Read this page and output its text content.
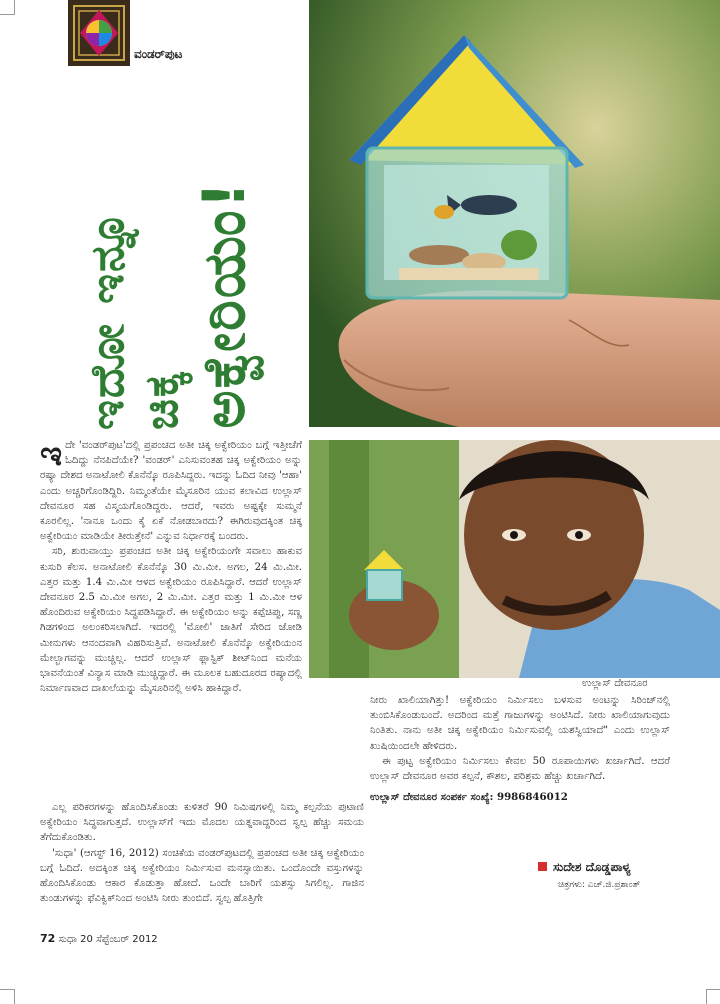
ವಂಡರ್‌ಪುಟ
ಇದೋ ಇನ್ನೂ ಚಿಕ್ಕ ಅಕ್ವೇರಿಯಂ!
ಉಲ್ಲಾಸ್ ದೇವನೂರ

ಇದೇ 'ವಂಡರ್‌ಪುಟ'ದಲ್ಲಿ ಪ್ರಪಂಚದ ಅತೀ ಚಿಕ್ಕ ಅಕ್ವೇರಿಯಂ ಬಗ್ಗೆ ಇತ್ತೀಚೆಗೆ ಓದಿದ್ದು ನೆನಪಿದೆಯೇ? 'ವಂಡರ್' ಎನಿಸುವಂತಹ ಚಿಕ್ಕ ಅಕ್ವೇರಿಯಂ ಅನ್ನು ರಷ್ಯಾ ದೇಶದ ಅನಾಟೋಲಿ ಕೊನೆನ್ಕೊ ರೂಪಿಸಿದ್ದರು. ಇದನ್ನು ಓದಿದ ನೀವು 'ಆಹಾ' ಎಂದು ಅಚ್ಚರಿಗೊಂಡಿದ್ದಿರಿ. ನಿಮ್ಮಂತೆಯೇ ಮೈಸೂರಿನ ಯುವ ಕಲಾವಿದ ಉಲ್ಲಾಸ್ ದೇವನೂರ ಸಹ ವಿಸ್ಮಯಗೊಂಡಿದ್ದರು. ಆದರೆ, ಇವರು ಅಷ್ಟಕ್ಕೇ ಸುಮ್ಮನೆ ಕೂರಲಿಲ್ಲ. 'ನಾನೂ ಒಂದು ಕೈ ಏಕೆ ನೋಡಬಾರದು? ಈಗಿರುವುದಕ್ಕಿಂತ ಚಿಕ್ಕ ಅಕ್ವೇರಿಯಂ ಮಾಡಿಯೇ ತೀರುತ್ತೇನೆ' ಎನ್ನುವ ನಿರ್ಧಾರಕ್ಕೆ ಬಂದರು.

ಸರಿ, ಶುರುವಾಯ್ತು ಪ್ರಪಂಚದ ಅತೀ ಚಿಕ್ಕ ಅಕ್ವೇರಿಯಂಗೇ ಸವಾಲು ಹಾಕುವ ಕುಸುರಿ ಕೆಲಸ. ಅನಾಟೋಲಿ ಕೊನೆನ್ಕೊ 30 ಮಿ.ಮೀ. ಅಗಲ, 24 ಮಿ.ಮೀ. ಎತ್ತರ ಮತ್ತು 1.4 ಮಿ.ಮೀ ಆಳದ ಅಕ್ವೇರಿಯಂ ರೂಪಿಸಿದ್ದಾರೆ. ಆದರೆ ಉಲ್ಲಾಸ್ ದೇವನೂರ 2.5 ಮಿ.ಮೀ ಅಗಲ, 2 ಮಿ.ಮೀ. ಎತ್ತರ ಮತ್ತು 1 ಮಿ.ಮೀ ಆಳ ಹೊಂದಿರುವ ಅಕ್ವೇರಿಯಂ ಸಿದ್ಧಪಡಿಸಿದ್ದಾರೆ. ಈ ಅಕ್ವೇರಿಯಂ ಅನ್ನು ಕಪ್ಪೆಚಿಪ್ಪು, ಸಣ್ಣ ಗಿಡಗಳಿಂದ ಅಲಂಕರಿಸಲಾಗಿದೆ. ಇದರಲ್ಲಿ 'ಮೋಲಿ' ಜಾತಿಗೆ ಸೇರಿದ ಜೋಡಿ ಮೀನುಗಳು ಆನಂದವಾಗಿ ವಿಹರಿಸುತ್ತಿವೆ. ಅನಾಟೋಲಿ ಕೊನೆನ್ಕೊ ಅಕ್ವೇರಿಯಂನ ಮೇಲ್ಭಾಗವನ್ನು ಮುಚ್ಚಿಲ್ಲ. ಆದರೆ ಉಲ್ಲಾಸ್ ಫ್ಲಾಸ್ಟಿಕ್ ಶೀಟ್‌ನಿಂದ ಮನೆಯ ಭಾವನೆಯಂತೆ ವಿನ್ಯಾಸ ಮಾಡಿ ಮುಚ್ಚಿದ್ದಾರೆ. ಈ ಮೂಲಕ ಬಹುದೂರದ ರಷ್ಯಾದಲ್ಲಿ ನಿರ್ಮಾಣವಾದ ದಾಖಲೆಯನ್ನು ಮೈಸೂರಿನಲ್ಲಿ ಅಳಿಸಿ ಹಾಕಿದ್ದಾರೆ.

ಎಲ್ಲ ಪರಿಕರಗಳನ್ನು ಹೊಂದಿಸಿಕೊಂಡು ಕುಳಿತರೆ 90 ನಿಮಿಷಗಳಲ್ಲಿ ನಿಮ್ಮ ಕಲ್ಪನೆಯ ಪುಟಾಣಿ ಅಕ್ವೇರಿಯಂ ಸಿದ್ಧವಾಗುತ್ತದೆ. ಉಲ್ಲಾಸ್‌ಗೆ ಇದು ಮೊದಲ ಯತ್ನವಾದ್ದರಿಂದ ಸ್ವಲ್ಪ ಹೆಚ್ಚು ಸಮಯ ತೆಗೆದುಕೊಂಡಿತು.

'ಸುಧಾ' (ಆಗಸ್ಟ್ 16, 2012) ಸಂಚಿಕೆಯ ವಂಡರ್‌ಪುಟದಲ್ಲಿ ಪ್ರಪಂಚದ ಅತೀ ಚಿಕ್ಕ ಅಕ್ವೇರಿಯಂ ಬಗ್ಗೆ ಓದಿದೆ. ಅದಕ್ಕಿಂತ ಚಿಕ್ಕ ಅಕ್ವೇರಿಯಂ ನಿರ್ಮಿಸುವ ಮನಸ್ಸಾಯಿತು. ಒಂದೊಂದೇ ವಸ್ತುಗಳನ್ನು ಹೊಂದಿಸಿಕೊಂಡು ಆಕಾರ ಕೊಡುತ್ತಾ ಹೋದೆ. ಒಂದೇ ಬಾರಿಗೆ ಯಶಸ್ಸು ಸಿಗಲಿಲ್ಲ. ಗಾಜಿನ ತುಂಡುಗಳನ್ನು ಫೆವಿಕ್ವಿಕ್‌ನಿಂದ ಅಂಟಿಸಿ ನೀರು ತುಂಬಿದೆ. ಸ್ವಲ್ಪ ಹೊತ್ತಿಗೇ

ನೀರು ಖಾಲಿಯಾಗಿತ್ತು! ಅಕ್ವೇರಿಯಂ ನಿರ್ಮಿಸಲು ಬಳಸುವ ಅಂಟನ್ನು ಸಿರಿಂಜ್‌ನಲ್ಲಿ ತುಂಬಿಸಿಕೊಂಡುಬಂದೆ. ಅದರಿಂದ ಮತ್ತೆ ಗಾಜುಗಳನ್ನು ಅಂಟಿಸಿದೆ. ನೀರು ಖಾಲಿಯಾಗುವುದು ನಿಂತಿತು. ನಾನು ಅತೀ ಚಿಕ್ಕ ಅಕ್ವೇರಿಯಂ ನಿರ್ಮಿಸುವಲ್ಲಿ ಯಶಸ್ವಿಯಾದೆ" ಎಂದು ಉಲ್ಲಾಸ್ ಖುಷಿಯಿಂದಲೇ ಹೇಳಿದರು.

ಈ ಪುಟ್ಟ ಅಕ್ವೇರಿಯಂ ನಿರ್ಮಿಸಲು ಕೇವಲ 50 ರೂಪಾಯಿಗಳು ಖರ್ಚಾಗಿದೆ. ಆದರೆ ಉಲ್ಲಾಸ್ ದೇವನೂರ ಅವರ ಕಲ್ಪನೆ, ಕೌಶಲ, ಪರಿಶ್ರಮ ಹೆಚ್ಚು ಖರ್ಚಾಗಿದೆ.

ಉಲ್ಲಾಸ್ ದೇವನೂರ ಸಂಪರ್ಕ ಸಂಖ್ಯೆ: 9986846012

ಸುದೇಶ ದೊಡ್ಡಪಾಳ್ಯ
ಚಿತ್ರಗಳು: ಎಚ್.ಜಿ.ಪ್ರಶಾಂತ್
72 ಸುಧಾ 20 ಸೆಪ್ಟೆಂಬರ್ 2012
